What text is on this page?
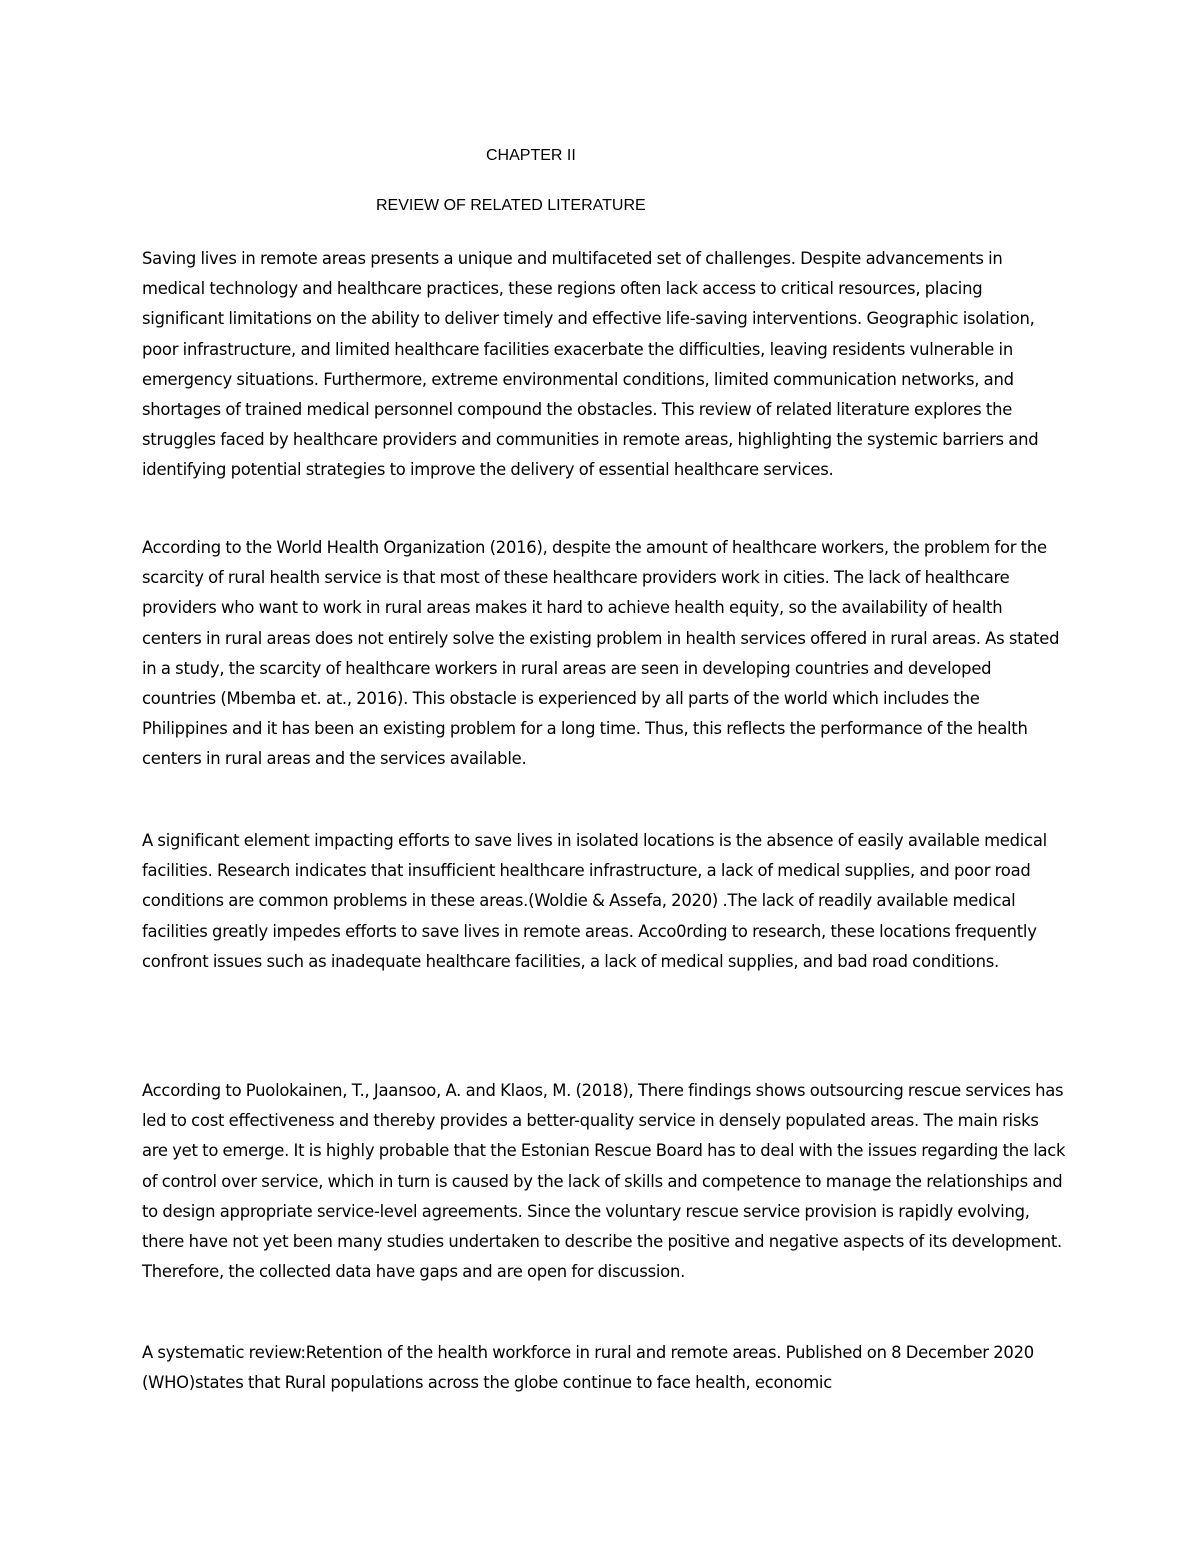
CHAPTER II
REVIEW OF RELATED LITERATURE

Saving lives in remote areas presents a unique and multifaceted set of challenges. Despite advancements in medical technology and healthcare practices, these regions often lack access to critical resources, placing significant limitations on the ability to deliver timely and effective life-saving interventions. Geographic isolation, poor infrastructure, and limited healthcare facilities exacerbate the difficulties, leaving residents vulnerable in emergency situations. Furthermore, extreme environmental conditions, limited communication networks, and shortages of trained medical personnel compound the obstacles. This review of related literature explores the struggles faced by healthcare providers and communities in remote areas, highlighting the systemic barriers and identifying potential strategies to improve the delivery of essential healthcare services.

According to the World Health Organization (2016), despite the amount of healthcare workers, the problem for the scarcity of rural health service is that most of these healthcare providers work in cities. The lack of healthcare providers who want to work in rural areas makes it hard to achieve health equity, so the availability of health centers in rural areas does not entirely solve the existing problem in health services offered in rural areas. As stated in a study, the scarcity of healthcare workers in rural areas are seen in developing countries and developed countries (Mbemba et. at., 2016). This obstacle is experienced by all parts of the world which includes the Philippines and it has been an existing problem for a long time. Thus, this reflects the performance of the health centers in rural areas and the services available.

A significant element impacting efforts to save lives in isolated locations is the absence of easily available medical facilities. Research indicates that insufficient healthcare infrastructure, a lack of medical supplies, and poor road conditions are common problems in these areas.(Woldie & Assefa, 2020) .The lack of readily available medical facilities greatly impedes efforts to save lives in remote areas. Acco0rding to research, these locations frequently confront issues such as inadequate healthcare facilities, a lack of medical supplies, and bad road conditions.

According to Puolokainen, T., Jaansoo, A. and Klaos, M. (2018), There findings shows outsourcing rescue services has led to cost effectiveness and thereby provides a better-quality service in densely populated areas. The main risks are yet to emerge. It is highly probable that the Estonian Rescue Board has to deal with the issues regarding the lack of control over service, which in turn is caused by the lack of skills and competence to manage the relationships and to design appropriate service-level agreements. Since the voluntary rescue service provision is rapidly evolving, there have not yet been many studies undertaken to describe the positive and negative aspects of its development. Therefore, the collected data have gaps and are open for discussion.

A systematic review:Retention of the health workforce in rural and remote areas. Published on 8 December 2020 (WHO)states that Rural populations across the globe continue to face health, economic
